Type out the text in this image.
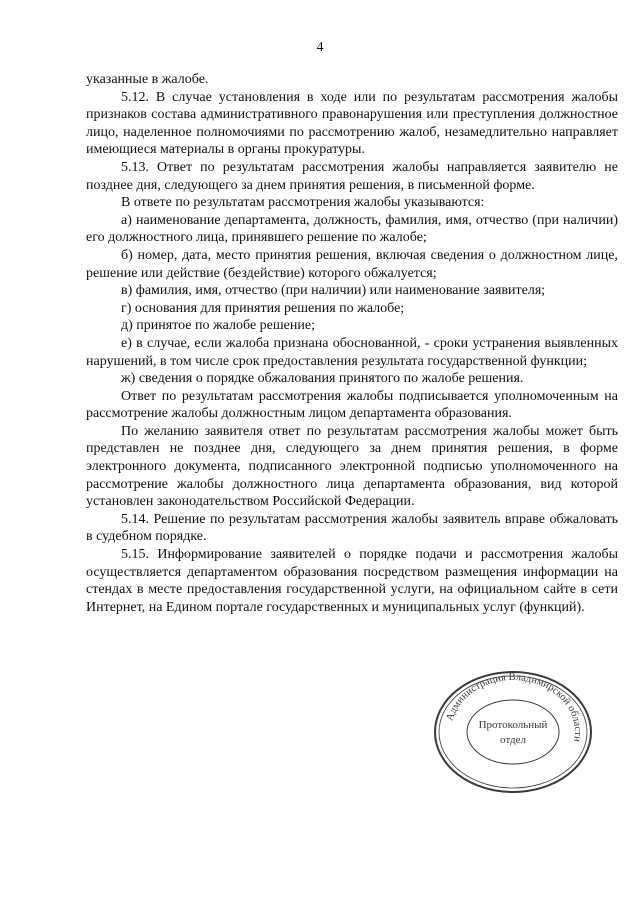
4

указанные в жалобе.

5.12. В случае установления в ходе или по результатам рассмотрения жалобы признаков состава административного правонарушения или преступления должностное лицо, наделенное полномочиями по рассмотрению жалоб, незамедлительно направляет имеющиеся материалы в органы прокуратуры.

5.13. Ответ по результатам рассмотрения жалобы направляется заявителю не позднее дня, следующего за днем принятия решения, в письменной форме.

В ответе по результатам рассмотрения жалобы указываются:

а) наименование департамента, должность, фамилия, имя, отчество (при наличии) его должностного лица, принявшего решение по жалобе;

б) номер, дата, место принятия решения, включая сведения о должностном лице, решение или действие (бездействие) которого обжалуется;

в) фамилия, имя, отчество (при наличии) или наименование заявителя;

г) основания для принятия решения по жалобе;

д) принятое по жалобе решение;

е) в случае, если жалоба признана обоснованной, - сроки устранения выявленных нарушений, в том числе срок предоставления результата государственной функции;

ж) сведения о порядке обжалования принятого по жалобе решения.

Ответ по результатам рассмотрения жалобы подписывается уполномоченным на рассмотрение жалобы должностным лицом департамента образования.

По желанию заявителя ответ по результатам рассмотрения жалобы может быть представлен не позднее дня, следующего за днем принятия решения, в форме электронного документа, подписанного электронной подписью уполномоченного на рассмотрение жалобы должностного лица департамента образования, вид которой установлен законодательством Российской Федерации.

5.14. Решение по результатам рассмотрения жалобы заявитель вправе обжаловать в судебном порядке.

5.15. Информирование заявителей о порядке подачи и рассмотрения жалобы осуществляется департаментом образования посредством размещения информации на стендах в месте предоставления государственной услуги, на официальном сайте в сети Интернет, на Едином портале государственных и муниципальных услуг (функций).

Администрация Владимирской области
Протокольный
отдел
